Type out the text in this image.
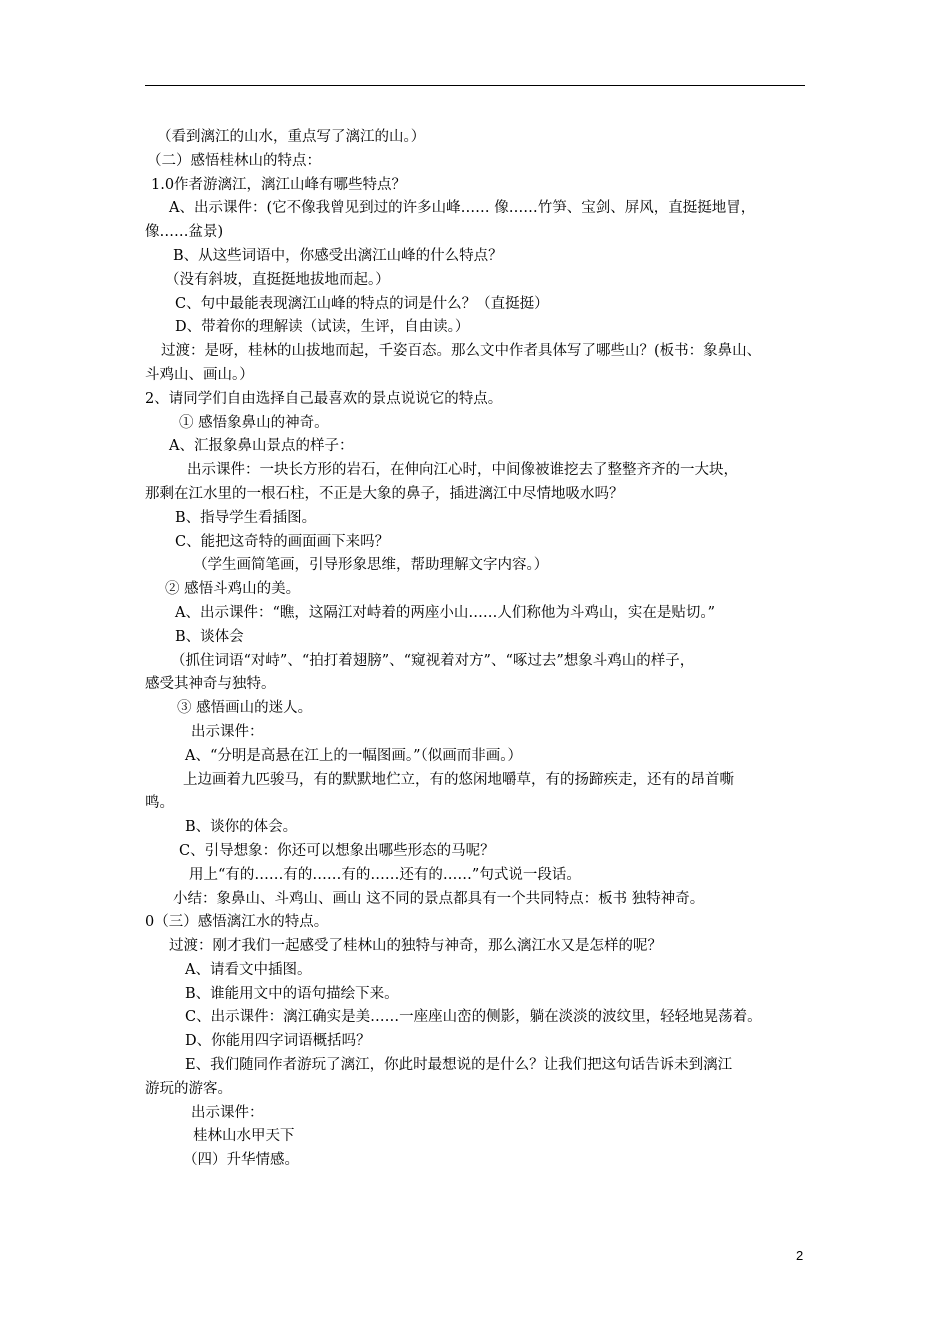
（看到漓江的山水，重点写了漓江的山。）
（二）感悟桂林山的特点：
1.0作者游漓江，漓江山峰有哪些特点？
A、出示课件：(它不像我曾见到过的许多山峰…… 像……竹笋、宝剑、屏风，直挺挺地冒，
像……盆景)
B、从这些词语中，你感受出漓江山峰的什么特点？
（没有斜坡，直挺挺地拔地而起。）
C、句中最能表现漓江山峰的特点的词是什么？（直挺挺）
D、带着你的理解读（试读，生评，自由读。）
过渡：是呀，桂林的山拔地而起，千姿百态。那么文中作者具体写了哪些山？(板书：象鼻山、
斗鸡山、画山。）
2、请同学们自由选择自己最喜欢的景点说说它的特点。
① 感悟象鼻山的神奇。
A、汇报象鼻山景点的样子：
出示课件：一块长方形的岩石，在伸向江心时，中间像被谁挖去了整整齐齐的一大块，
那剩在江水里的一根石柱，不正是大象的鼻子，插进漓江中尽情地吸水吗？
B、指导学生看插图。
C、能把这奇特的画面画下来吗？
（学生画简笔画，引导形象思维，帮助理解文字内容。）
② 感悟斗鸡山的美。
A、出示课件：“瞧，这隔江对峙着的两座小山……人们称他为斗鸡山，实在是贴切。”
B、谈体会
（抓住词语“对峙”、“拍打着翅膀”、“窥视着对方”、“啄过去”想象斗鸡山的样子，
感受其神奇与独特。
③ 感悟画山的迷人。
出示课件：
A、“分明是高悬在江上的一幅图画。”（似画而非画。）
上边画着九匹骏马，有的默默地伫立，有的悠闲地嚼草，有的扬蹄疾走，还有的昂首嘶
鸣。
B、谈你的体会。
C、引导想象：你还可以想象出哪些形态的马呢？
用上“有的……有的……有的……还有的……”句式说一段话。
小结：象鼻山、斗鸡山、画山 这不同的景点都具有一个共同特点：板书 独特神奇。
0（三）感悟漓江水的特点。
过渡：刚才我们一起感受了桂林山的独特与神奇，那么漓江水又是怎样的呢？
A、请看文中插图。
B、谁能用文中的语句描绘下来。
C、出示课件：漓江确实是美……一座座山峦的侧影，躺在淡淡的波纹里，轻轻地晃荡着。
D、你能用四字词语概括吗？
E、我们随同作者游玩了漓江，你此时最想说的是什么？让我们把这句话告诉未到漓江
游玩的游客。
出示课件：
桂林山水甲天下
（四）升华情感。
2
